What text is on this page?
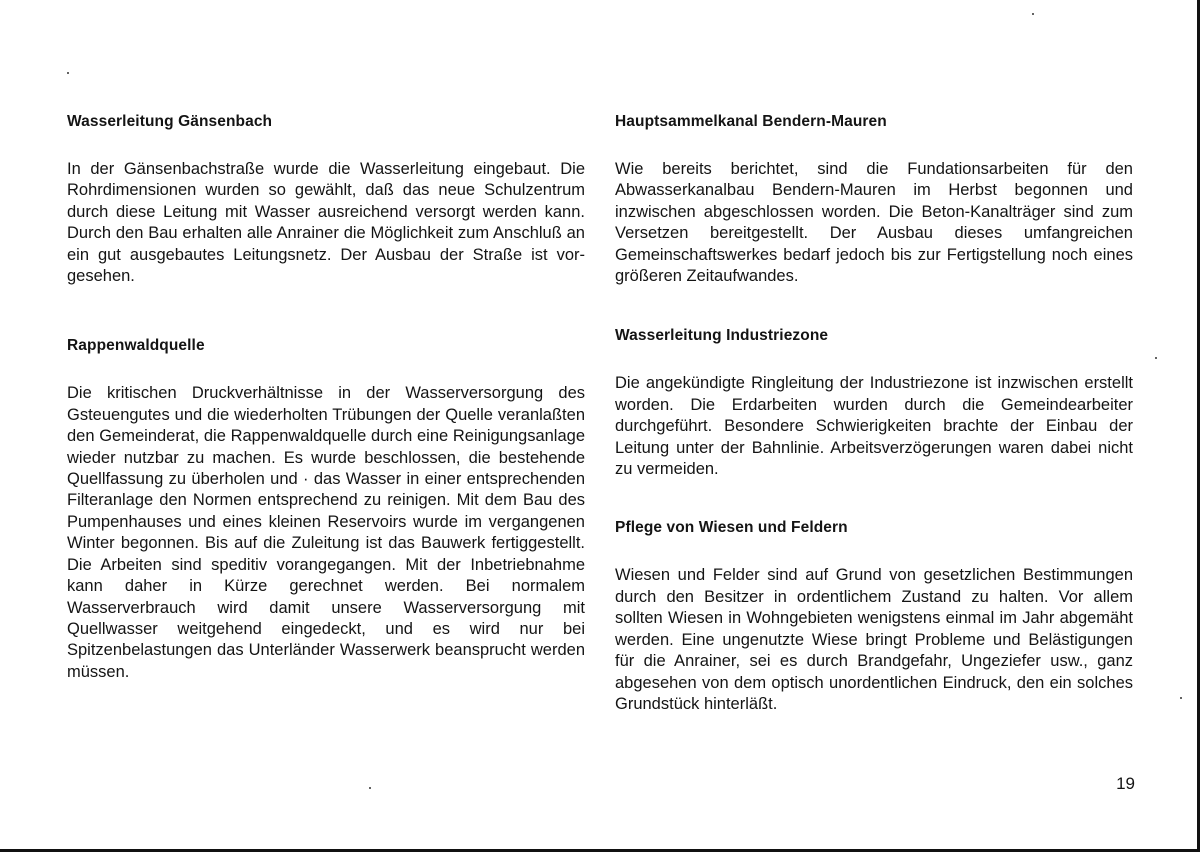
Wasserleitung Gänsenbach

In der Gänsenbachstraße wurde die Wasserleitung eingebaut. Die Rohrdimensionen wurden so gewählt, daß das neue Schulzentrum durch diese Leitung mit Wasser ausreichend versorgt werden kann. Durch den Bau erhalten alle Anrainer die Möglichkeit zum Anschluß an ein gut ausgebautes Leitungsnetz. Der Ausbau der Straße ist vorgesehen.

Rappenwaldquelle

Die kritischen Druckverhältnisse in der Wasserversorgung des Gsteuengutes und die wiederholten Trübungen der Quelle veranlaßten den Gemeinderat, die Rappenwaldquelle durch eine Reinigungsanlage wieder nutzbar zu machen. Es wurde beschlossen, die bestehende Quellfassung zu überholen und · das Wasser in einer entsprechenden Filteranlage den Normen entsprechend zu reinigen. Mit dem Bau des Pumpenhauses und eines kleinen Reservoirs wurde im vergangenen Winter begonnen. Bis auf die Zuleitung ist das Bauwerk fertiggestellt. Die Arbeiten sind speditiv vorangegangen. Mit der Inbetriebnahme kann daher in Kürze gerechnet werden. Bei normalem Wasserverbrauch wird damit unsere Wasserversorgung mit Quellwasser weitgehend eingedeckt, und es wird nur bei Spitzenbelastungen das Unterländer Wasserwerk beansprucht werden müssen.

Hauptsammelkanal Bendern-Mauren

Wie bereits berichtet, sind die Fundationsarbeiten für den Abwasserkanalbau Bendern-Mauren im Herbst begonnen und inzwischen abgeschlossen worden. Die Beton-Kanalträger sind zum Versetzen bereitgestellt. Der Ausbau dieses umfangreichen Gemeinschaftswerkes bedarf jedoch bis zur Fertigstellung noch eines größeren Zeitaufwandes.

Wasserleitung Industriezone

Die angekündigte Ringleitung der Industriezone ist inzwischen erstellt worden. Die Erdarbeiten wurden durch die Gemeindearbeiter durchgeführt. Besondere Schwierigkeiten brachte der Einbau der Leitung unter der Bahnlinie. Arbeitsverzögerungen waren dabei nicht zu vermeiden.

Pflege von Wiesen und Feldern

Wiesen und Felder sind auf Grund von gesetzlichen Bestimmungen durch den Besitzer in ordentlichem Zustand zu halten. Vor allem sollten Wiesen in Wohngebieten wenigstens einmal im Jahr abgemäht werden. Eine ungenutzte Wiese bringt Probleme und Belästigungen für die Anrainer, sei es durch Brandgefahr, Ungeziefer usw., ganz abgesehen von dem optisch unordentlichen Eindruck, den ein solches Grundstück hinterläßt.

19
